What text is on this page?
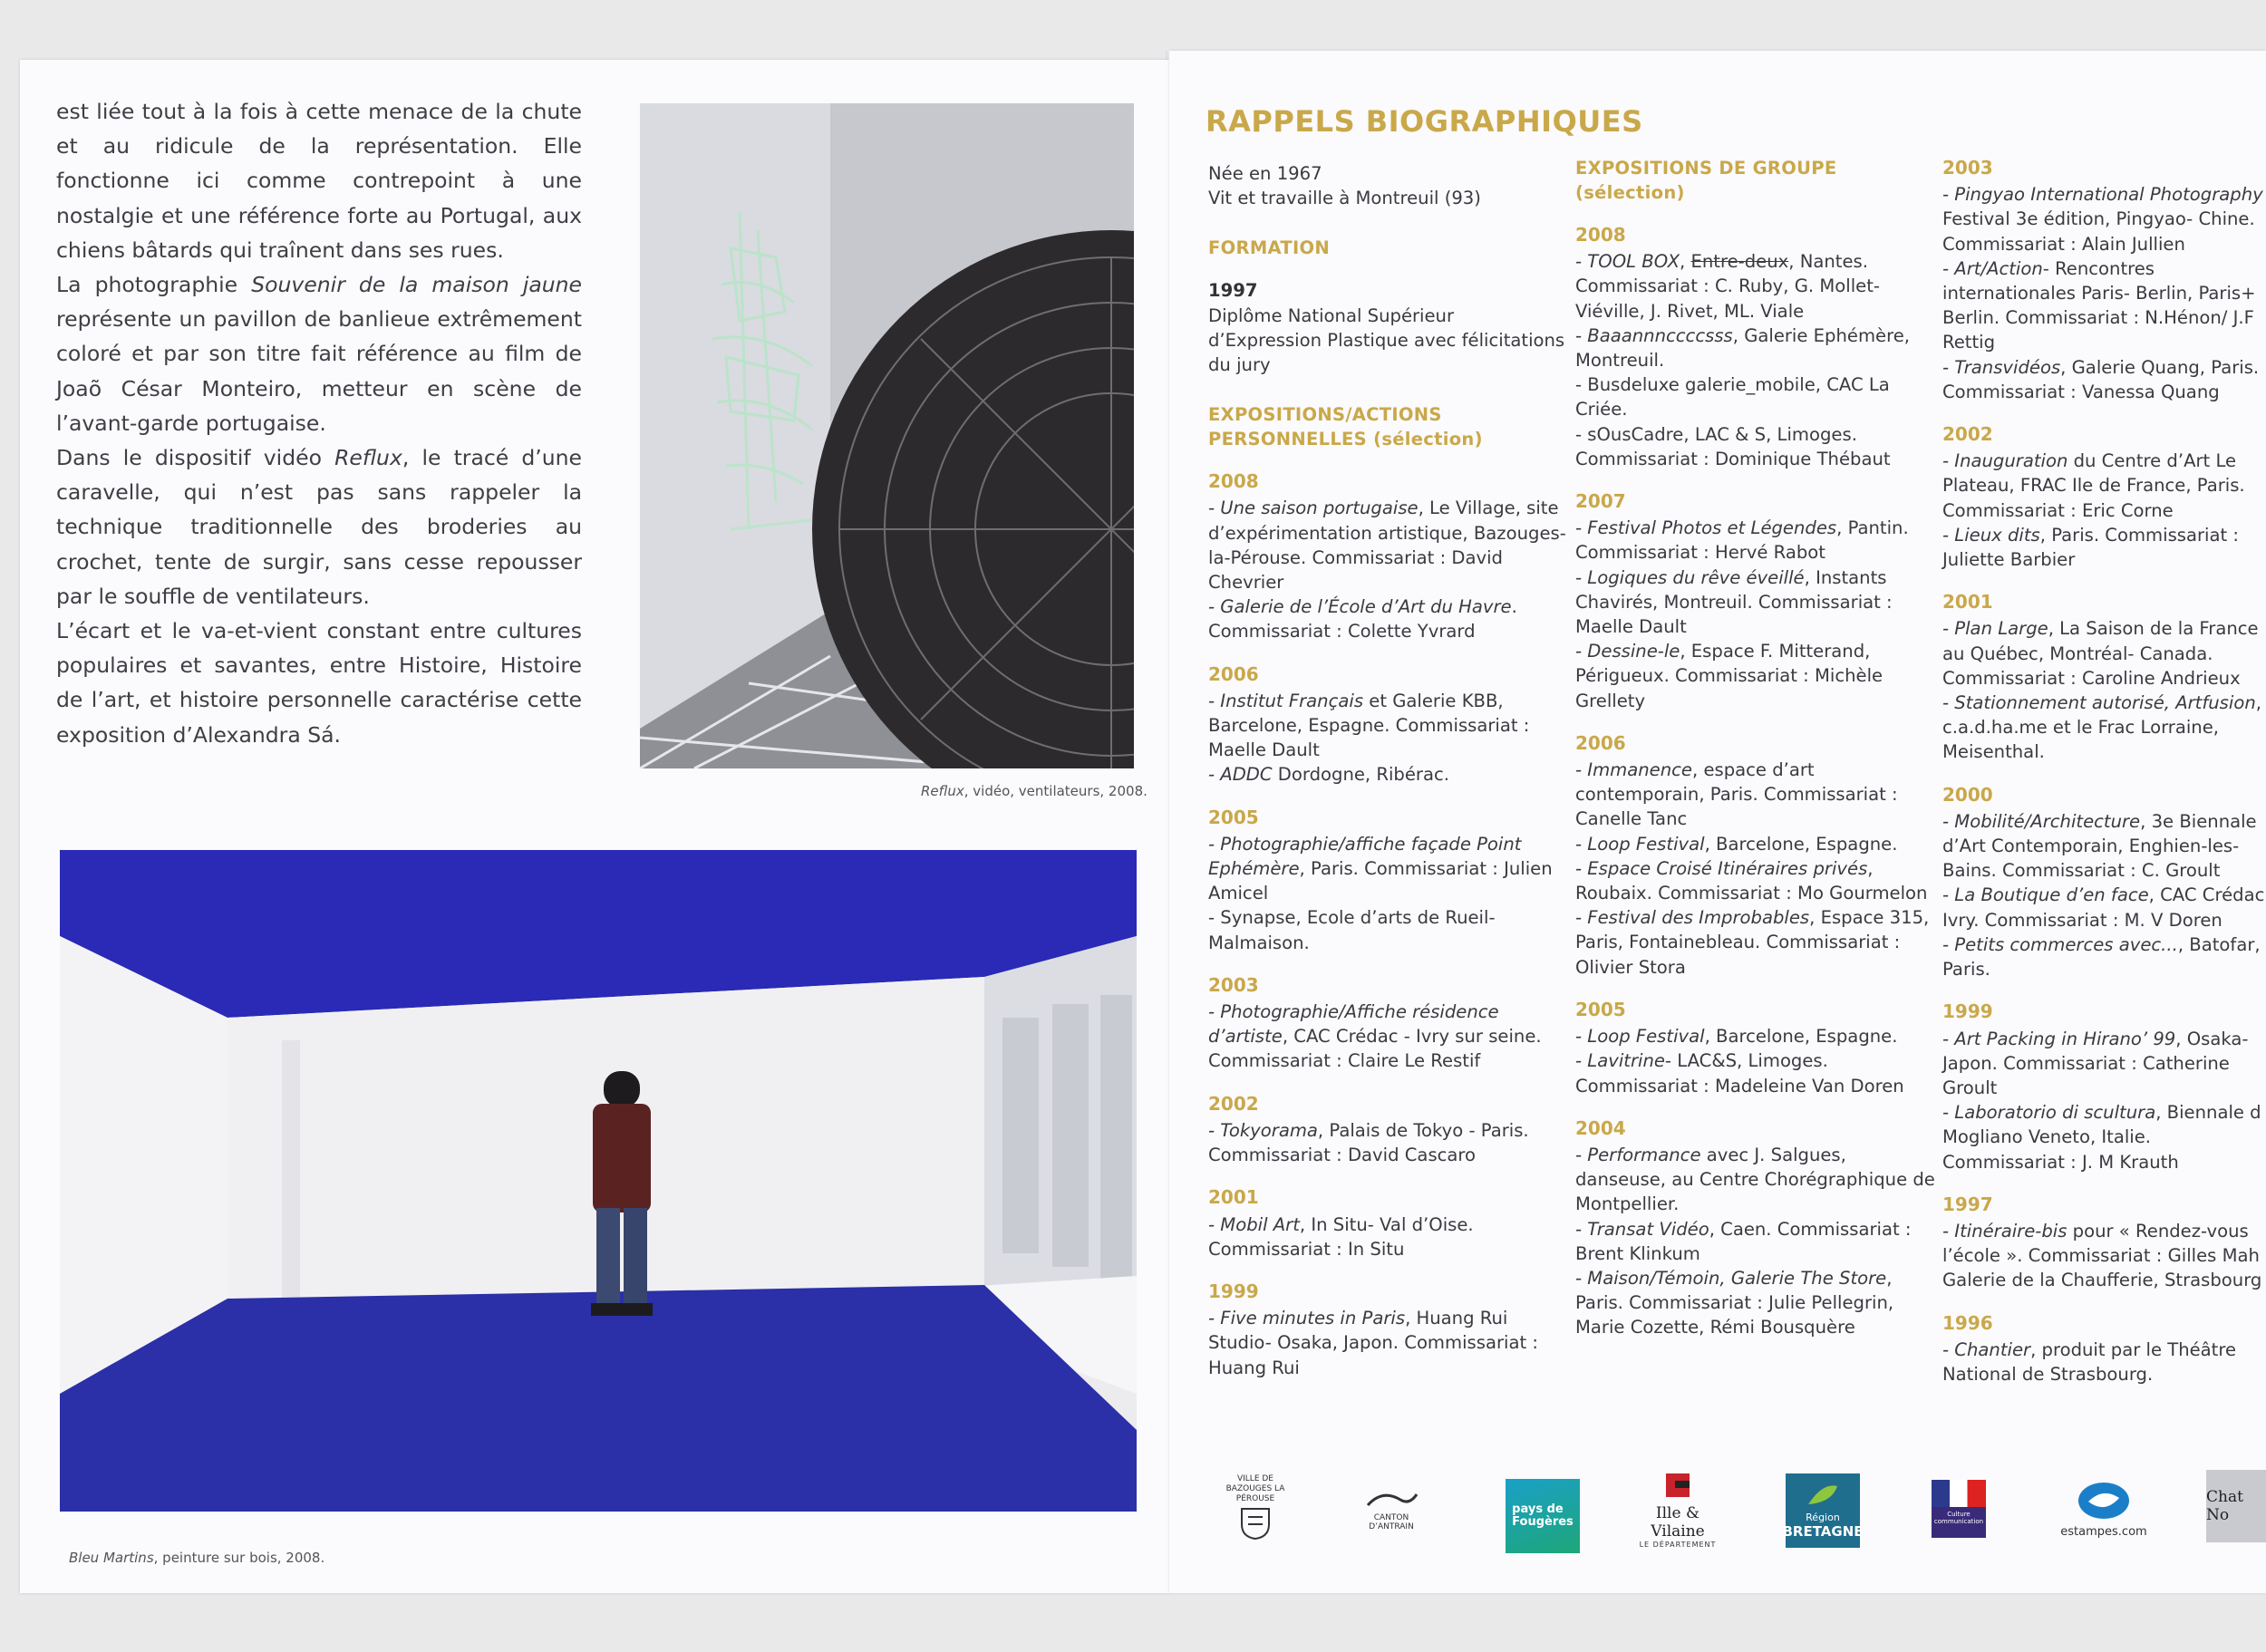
est liée tout à la fois à cette menace de la chute et au ridicule de la représentation. Elle fonctionne ici comme contrepoint à une nostalgie et une référence forte au Portugal, aux chiens bâtards qui traînent dans ses rues.

La photographie Souvenir de la maison jaune représente un pavillon de banlieue extrêmement coloré et par son titre fait référence au film de Joaõ César Monteiro, metteur en scène de l’avant-garde portugaise.

Dans le dispositif vidéo Reflux, le tracé d’une caravelle, qui n’est pas sans rappeler la technique traditionnelle des broderies au crochet, tente de surgir, sans cesse repousser par le souffle de ventilateurs.

L’écart et le va-et-vient constant entre cultures populaires et savantes, entre Histoire, Histoire de l’art, et histoire personnelle caractérise cette exposition d’Alexandra Sá.

Reflux, vidéo, ventilateurs, 2008.
Bleu Martins, peinture sur bois, 2008.
RAPPELS BIOGRAPHIQUES
Née en 1967
Vit et travaille à Montreuil (93)
FORMATION
1997
Diplôme National Supérieur d’Expression Plastique avec félicitations du jury
EXPOSITIONS/ACTIONS
PERSONNELLES (sélection)
2008
- Une saison portugaise, Le Village, site d’expérimentation artistique, Bazouges-la-Pérouse. Commissariat : David Chevrier
- Galerie de l’École d’Art du Havre. Commissariat : Colette Yvrard
2006
- Institut Français et Galerie KBB, Barcelone, Espagne. Commissariat : Maelle Dault
- ADDC Dordogne, Ribérac.
2005
- Photographie/affiche façade Point Ephémère, Paris. Commissariat : Julien Amicel
- Synapse, Ecole d’arts de Rueil-Malmaison.
2003
- Photographie/Affiche résidence d’artiste, CAC Crédac - Ivry sur seine. Commissariat : Claire Le Restif
2002
- Tokyorama, Palais de Tokyo - Paris. Commissariat : David Cascaro
2001
- Mobil Art, In Situ- Val d’Oise. Commissariat : In Situ
1999
- Five minutes in Paris, Huang Rui Studio- Osaka, Japon. Commissariat : Huang Rui
EXPOSITIONS DE GROUPE
(sélection)
2008
- TOOL BOX, Entre-deux, Nantes. Commissariat : C. Ruby, G. Mollet-Viéville, J. Rivet, ML. Viale
- Baaannnccccsss, Galerie Ephémère, Montreuil.
- Busdeluxe galerie_mobile, CAC La Criée.
- sOusCadre, LAC & S, Limoges. Commissariat : Dominique Thébaut
2007
- Festival Photos et Légendes, Pantin. Commissariat : Hervé Rabot
- Logiques du rêve éveillé, Instants Chavirés, Montreuil. Commissariat : Maelle Dault
- Dessine-le, Espace F. Mitterand, Périgueux. Commissariat : Michèle Grellety
2006
- Immanence, espace d’art contemporain, Paris. Commissariat : Canelle Tanc
- Loop Festival, Barcelone, Espagne.
- Espace Croisé Itinéraires privés, Roubaix. Commissariat : Mo Gourmelon
- Festival des Improbables, Espace 315, Paris, Fontainebleau. Commissariat : Olivier Stora
2005
- Loop Festival, Barcelone, Espagne.
- Lavitrine- LAC&S, Limoges. Commissariat : Madeleine Van Doren
2004
- Performance avec J. Salgues, danseuse, au Centre Chorégraphique de Montpellier.
- Transat Vidéo, Caen. Commissariat : Brent Klinkum
- Maison/Témoin, Galerie The Store, Paris. Commissariat : Julie Pellegrin, Marie Cozette, Rémi Bousquère
2003
- Pingyao International Photography Festival 3e édition, Pingyao- Chine. Commissariat : Alain Jullien
- Art/Action- Rencontres internationales Paris- Berlin, Paris+ Berlin. Commissariat : N.Hénon/ J.F Rettig
- Transvidéos, Galerie Quang, Paris. Commissariat : Vanessa Quang
2002
- Inauguration du Centre d’Art Le Plateau, FRAC Ile de France, Paris. Commissariat : Eric Corne
- Lieux dits, Paris. Commissariat : Juliette Barbier
2001
- Plan Large, La Saison de la France au Québec, Montréal- Canada. Commissariat : Caroline Andrieux
- Stationnement autorisé, Artfusion, c.a.d.ha.me et le Frac Lorraine, Meisenthal.
2000
- Mobilité/Architecture, 3e Biennale d’Art Contemporain, Enghien-les-Bains. Commissariat : C. Groult
- La Boutique d’en face, CAC Crédac Ivry. Commissariat : M. V Doren
- Petits commerces avec..., Batofar, Paris.
1999
- Art Packing in Hirano’ 99, Osaka-Japon. Commissariat : Catherine Groult
- Laboratorio di scultura, Biennale d Mogliano Veneto, Italie. Commissariat : J. M Krauth
1997
- Itinéraire-bis pour « Rendez-vous l’école ». Commissariat : Gilles Mah Galerie de la Chaufferie, Strasbourg
1996
- Chantier, produit par le Théâtre National de Strasbourg.
VILLE DE BAZOUGES LA PÉROUSE
CANTON D’ANTRAIN
pays de
Fougères	Ille & Vilaine
LE DÉPARTEMENT
Région
BRETAGNE
Culture communication
estampes.com
Chat No
